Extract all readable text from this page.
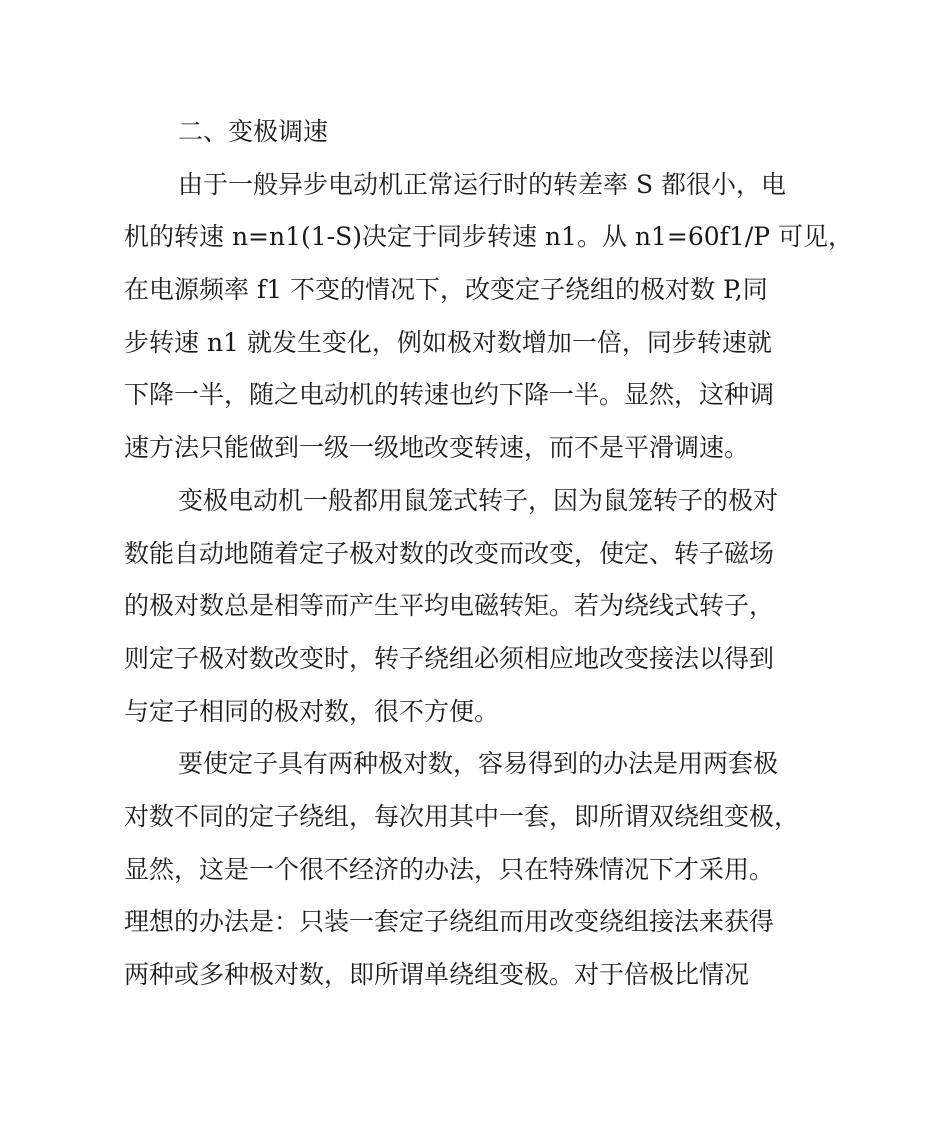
二、变极调速
由于一般异步电动机正常运行时的转差率 S 都很小，电
机的转速 n=n1(1-S)决定于同步转速 n1。从 n1=60f1/P 可见，
在电源频率 f1 不变的情况下，改变定子绕组的极对数 P,同
步转速 n1 就发生变化，例如极对数增加一倍，同步转速就
下降一半，随之电动机的转速也约下降一半。显然，这种调
速方法只能做到一级一级地改变转速，而不是平滑调速。
变极电动机一般都用鼠笼式转子，因为鼠笼转子的极对
数能自动地随着定子极对数的改变而改变，使定、转子磁场
的极对数总是相等而产生平均电磁转矩。若为绕线式转子，
则定子极对数改变时，转子绕组必须相应地改变接法以得到
与定子相同的极对数，很不方便。
要使定子具有两种极对数，容易得到的办法是用两套极
对数不同的定子绕组，每次用其中一套，即所谓双绕组变极，
显然，这是一个很不经济的办法，只在特殊情况下才采用。
理想的办法是：只装一套定子绕组而用改变绕组接法来获得
两种或多种极对数，即所谓单绕组变极。对于倍极比情况
